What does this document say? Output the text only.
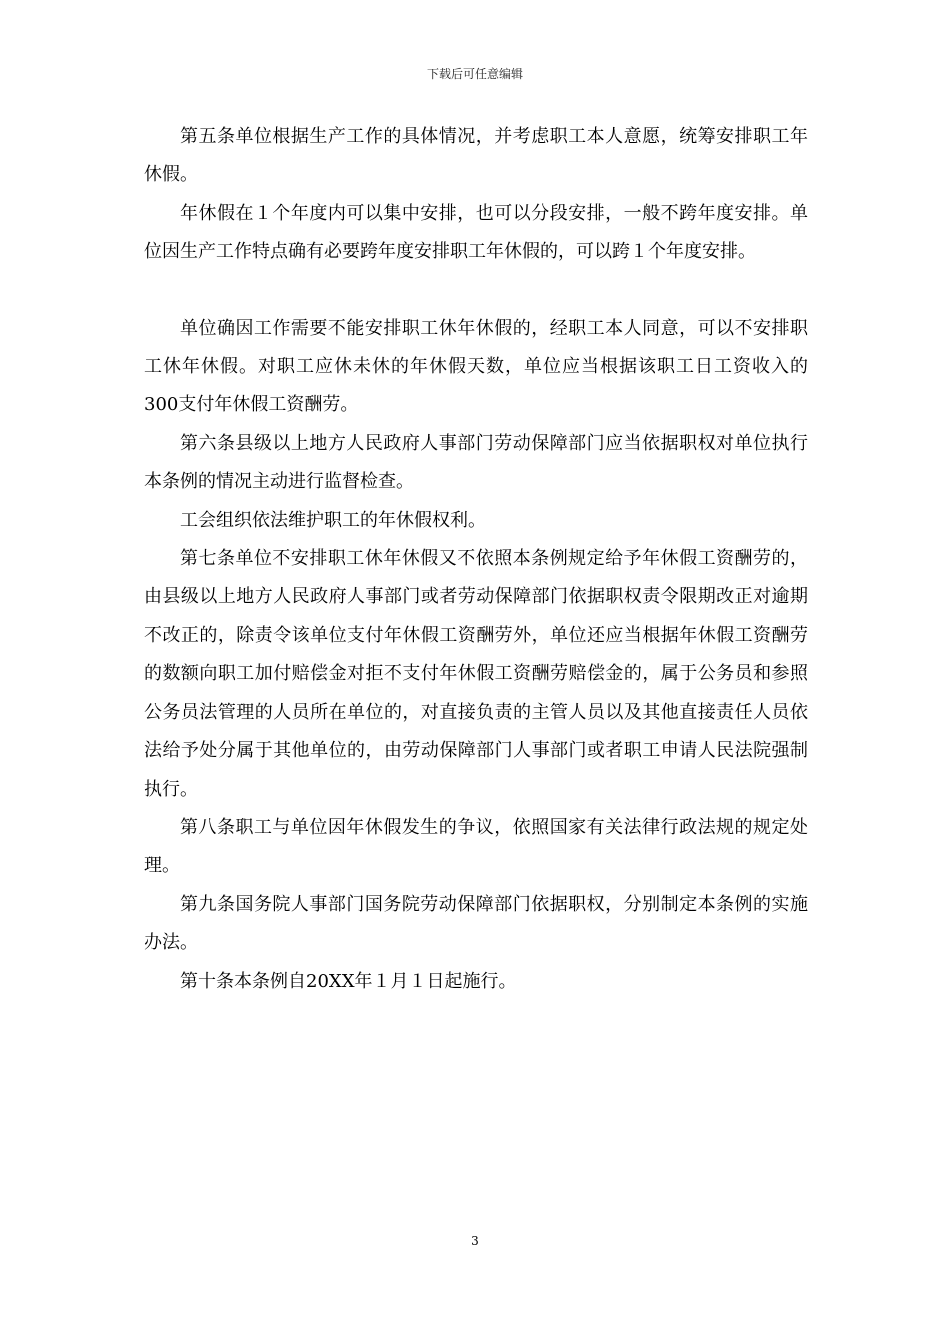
下载后可任意编辑

第五条单位根据生产工作的具体情况，并考虑职工本人意愿，统筹安排职工年休假。

年休假在１个年度内可以集中安排，也可以分段安排，一般不跨年度安排。单位因生产工作特点确有必要跨年度安排职工年休假的，可以跨１个年度安排。

单位确因工作需要不能安排职工休年休假的，经职工本人同意，可以不安排职工休年休假。对职工应休未休的年休假天数，单位应当根据该职工日工资收入的300支付年休假工资酬劳。

第六条县级以上地方人民政府人事部门劳动保障部门应当依据职权对单位执行本条例的情况主动进行监督检查。

工会组织依法维护职工的年休假权利。

第七条单位不安排职工休年休假又不依照本条例规定给予年休假工资酬劳的，由县级以上地方人民政府人事部门或者劳动保障部门依据职权责令限期改正对逾期不改正的，除责令该单位支付年休假工资酬劳外，单位还应当根据年休假工资酬劳的数额向职工加付赔偿金对拒不支付年休假工资酬劳赔偿金的，属于公务员和参照公务员法管理的人员所在单位的，对直接负责的主管人员以及其他直接责任人员依法给予处分属于其他单位的，由劳动保障部门人事部门或者职工申请人民法院强制执行。

第八条职工与单位因年休假发生的争议，依照国家有关法律行政法规的规定处理。

第九条国务院人事部门国务院劳动保障部门依据职权，分别制定本条例的实施办法。

第十条本条例自20XX年１月１日起施行。

3
